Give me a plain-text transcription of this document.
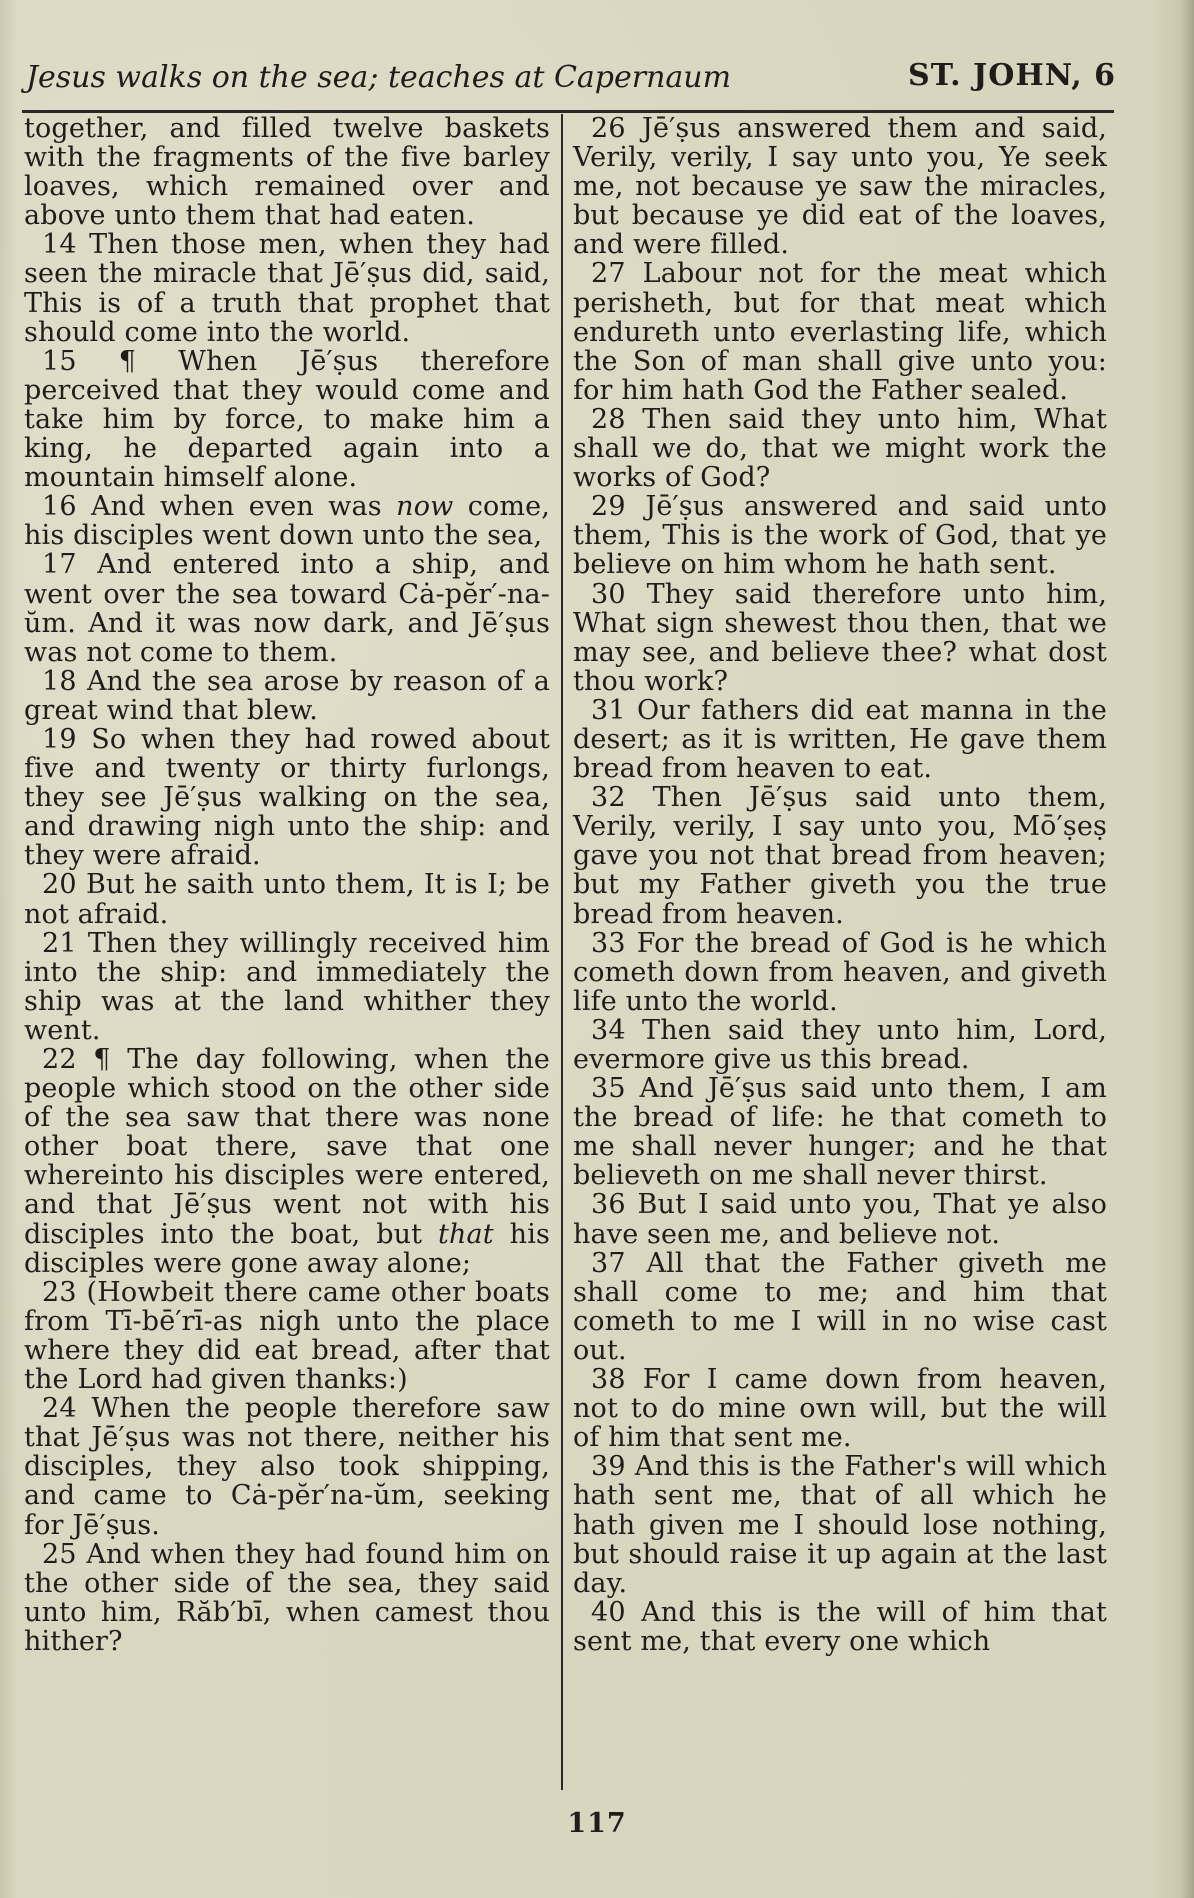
Jesus walks on the sea; teaches at Capernaum	ST. JOHN, 6

together, and filled twelve baskets with the fragments of the five barley loaves, which remained over and above unto them that had eaten.

14 Then those men, when they had seen the miracle that Jē′ṣus did, said, This is of a truth that prophet that should come into the world.

15 ¶ When Jē′ṣus therefore perceived that they would come and take him by force, to make him a king, he departed again into a mountain himself alone.

16 And when even was now come, his disciples went down unto the sea,

17 And entered into a ship, and went over the sea toward Cȧ-pĕr′-na-ŭm. And it was now dark, and Jē′ṣus was not come to them.

18 And the sea arose by reason of a great wind that blew.

19 So when they had rowed about five and twenty or thirty furlongs, they see Jē′ṣus walking on the sea, and drawing nigh unto the ship: and they were afraid.

20 But he saith unto them, It is I; be not afraid.

21 Then they willingly received him into the ship: and immediately the ship was at the land whither they went.

22 ¶ The day following, when the people which stood on the other side of the sea saw that there was none other boat there, save that one whereinto his disciples were entered, and that Jē′ṣus went not with his disciples into the boat, but that his disciples were gone away alone;

23 (Howbeit there came other boats from Tī-bē′rī-as nigh unto the place where they did eat bread, after that the Lord had given thanks:)

24 When the people therefore saw that Jē′ṣus was not there, neither his disciples, they also took shipping, and came to Cȧ-pĕr′na-ŭm, seeking for Jē′ṣus.

25 And when they had found him on the other side of the sea, they said unto him, Răb′bī, when camest thou hither?

26 Jē′ṣus answered them and said, Verily, verily, I say unto you, Ye seek me, not because ye saw the miracles, but because ye did eat of the loaves, and were filled.

27 Labour not for the meat which perisheth, but for that meat which endureth unto everlasting life, which the Son of man shall give unto you: for him hath God the Father sealed.

28 Then said they unto him, What shall we do, that we might work the works of God?

29 Jē′ṣus answered and said unto them, This is the work of God, that ye believe on him whom he hath sent.

30 They said therefore unto him, What sign shewest thou then, that we may see, and believe thee? what dost thou work?

31 Our fathers did eat manna in the desert; as it is written, He gave them bread from heaven to eat.

32 Then Jē′ṣus said unto them, Verily, verily, I say unto you, Mō′ṣeṣ gave you not that bread from heaven; but my Father giveth you the true bread from heaven.

33 For the bread of God is he which cometh down from heaven, and giveth life unto the world.

34 Then said they unto him, Lord, evermore give us this bread.

35 And Jē′ṣus said unto them, I am the bread of life: he that cometh to me shall never hunger; and he that believeth on me shall never thirst.

36 But I said unto you, That ye also have seen me, and believe not.

37 All that the Father giveth me shall come to me; and him that cometh to me I will in no wise cast out.

38 For I came down from heaven, not to do mine own will, but the will of him that sent me.

39 And this is the Father's will which hath sent me, that of all which he hath given me I should lose nothing, but should raise it up again at the last day.

40 And this is the will of him that sent me, that every one which

117
